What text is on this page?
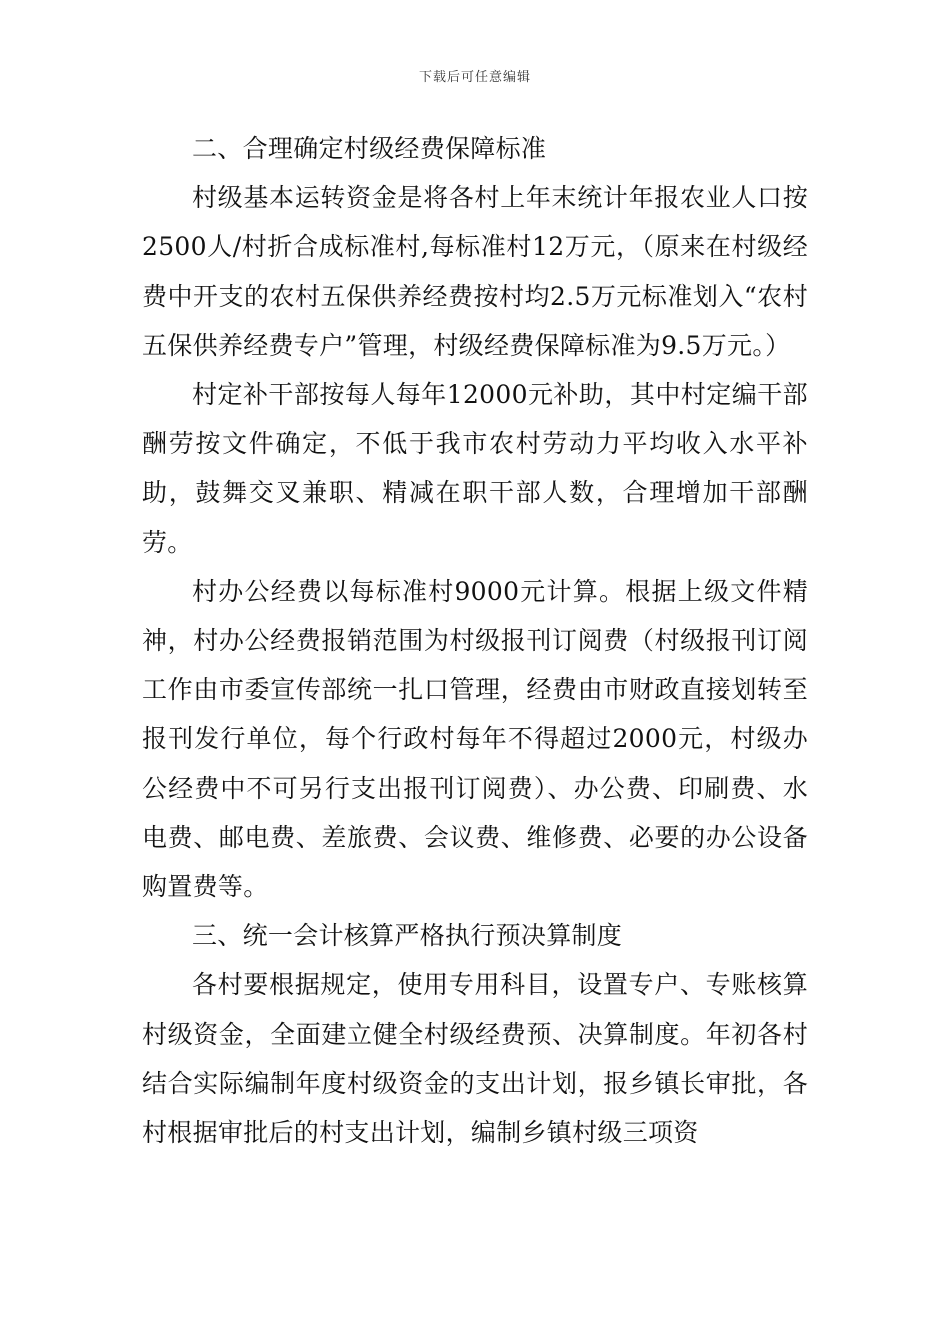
下载后可任意编辑

二、合理确定村级经费保障标准

村级基本运转资金是将各村上年末统计年报农业人口按2500人/村折合成标准村,每标准村12万元，（原来在村级经费中开支的农村五保供养经费按村均2.5万元标准划入“农村五保供养经费专户”管理，村级经费保障标准为9.5万元。）

村定补干部按每人每年12000元补助，其中村定编干部酬劳按文件确定，不低于我市农村劳动力平均收入水平补助，鼓舞交叉兼职、精减在职干部人数，合理增加干部酬劳。

村办公经费以每标准村9000元计算。根据上级文件精神，村办公经费报销范围为村级报刊订阅费（村级报刊订阅工作由市委宣传部统一扎口管理，经费由市财政直接划转至报刊发行单位，每个行政村每年不得超过2000元，村级办公经费中不可另行支出报刊订阅费）、办公费、印刷费、水电费、邮电费、差旅费、会议费、维修费、必要的办公设备购置费等。

三、统一会计核算严格执行预决算制度

各村要根据规定，使用专用科目，设置专户、专账核算村级资金，全面建立健全村级经费预、决算制度。年初各村结合实际编制年度村级资金的支出计划，报乡镇长审批，各村根据审批后的村支出计划，编制乡镇村级三项资
